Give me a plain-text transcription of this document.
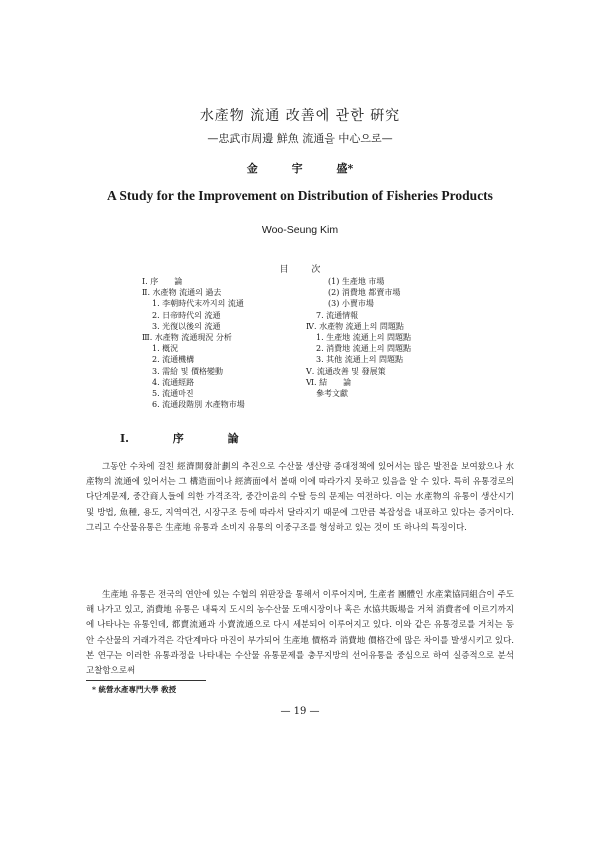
水產物 流通 改善에 관한 硏究
—忠武市周邊 鮮魚 流通을 中心으로—
金 宇 盛*
A Study for the Improvement on Distribution of Fisheries Products
Woo-Seung Kim
目 次
Ⅰ. 序　　論
Ⅱ. 水產物 流通의 過去
1. 李朝時代末까지의 流通
2. 日帝時代의 流通
3. 光復以後의 流通
Ⅲ. 水產物 流通現況 分析
1. 槪況
2. 流通機構
3. 需給 및 價格變動
4. 流通經路
5. 流通마진
6. 流通段階別 水產物市場
(1) 生產地 市場
(2) 消費地 都賣市場
(3) 小賣市場
7. 流通情報
Ⅳ. 水產物 流通上의 問題點
1. 生產地 流通上의 問題點
2. 消費地 流通上의 問題點
3. 其他 流通上의 問題點
Ⅴ. 流通改善 및 發展策
Ⅵ. 結　　論
參考文獻
Ⅰ. 序 論

그동안 수차에 걸친 經濟開發計劃의 추진으로 수산물 생산량 증대정책에 있어서는 많은 발전을 보여왔으나 水產物의 流通에 있어서는 그 構造面이나 經濟面에서 볼때 이에 따라가지 못하고 있음을 알 수 있다. 특히 유통경로의 다단계문제, 중간商人들에 의한 가격조작, 중간이윤의 수탈 등의 문제는 여전하다. 이는 水產物의 유통이 생산시기 및 방법, 魚種, 용도, 지역여건, 시장구조 등에 따라서 달라지기 때문에 그만큼 복잡성을 내포하고 있다는 증거이다. 그리고 수산물유통은 生產地 유통과 소비지 유통의 이중구조를 형성하고 있는 것이 또 하나의 특징이다.

生產地 유통은 전국의 연안에 있는 수협의 위판장을 통해서 이루어지며, 生產者 團體인 水產業協同組合이 주도해 나가고 있고, 消費地 유통은 내륙지 도시의 농수산물 도매시장이나 혹은 水協共販場을 거쳐 消費者에 이르기까지에 나타나는 유통인데, 都賣流通과 小賣流通으로 다시 세분되어 이루어지고 있다. 이와 같은 유통경로를 거치는 동안 수산물의 거래가격은 각단계마다 마진이 부가되어 生產地 價格과 消費地 價格간에 많은 차이를 발생시키고 있다. 본 연구는 이러한 유통과정을 나타내는 수산물 유통문제를 충무지방의 선어유통을 중심으로 하여 실증적으로 분석 고찰함으로써

* 統營水產專門大學 敎授
— 19 —
